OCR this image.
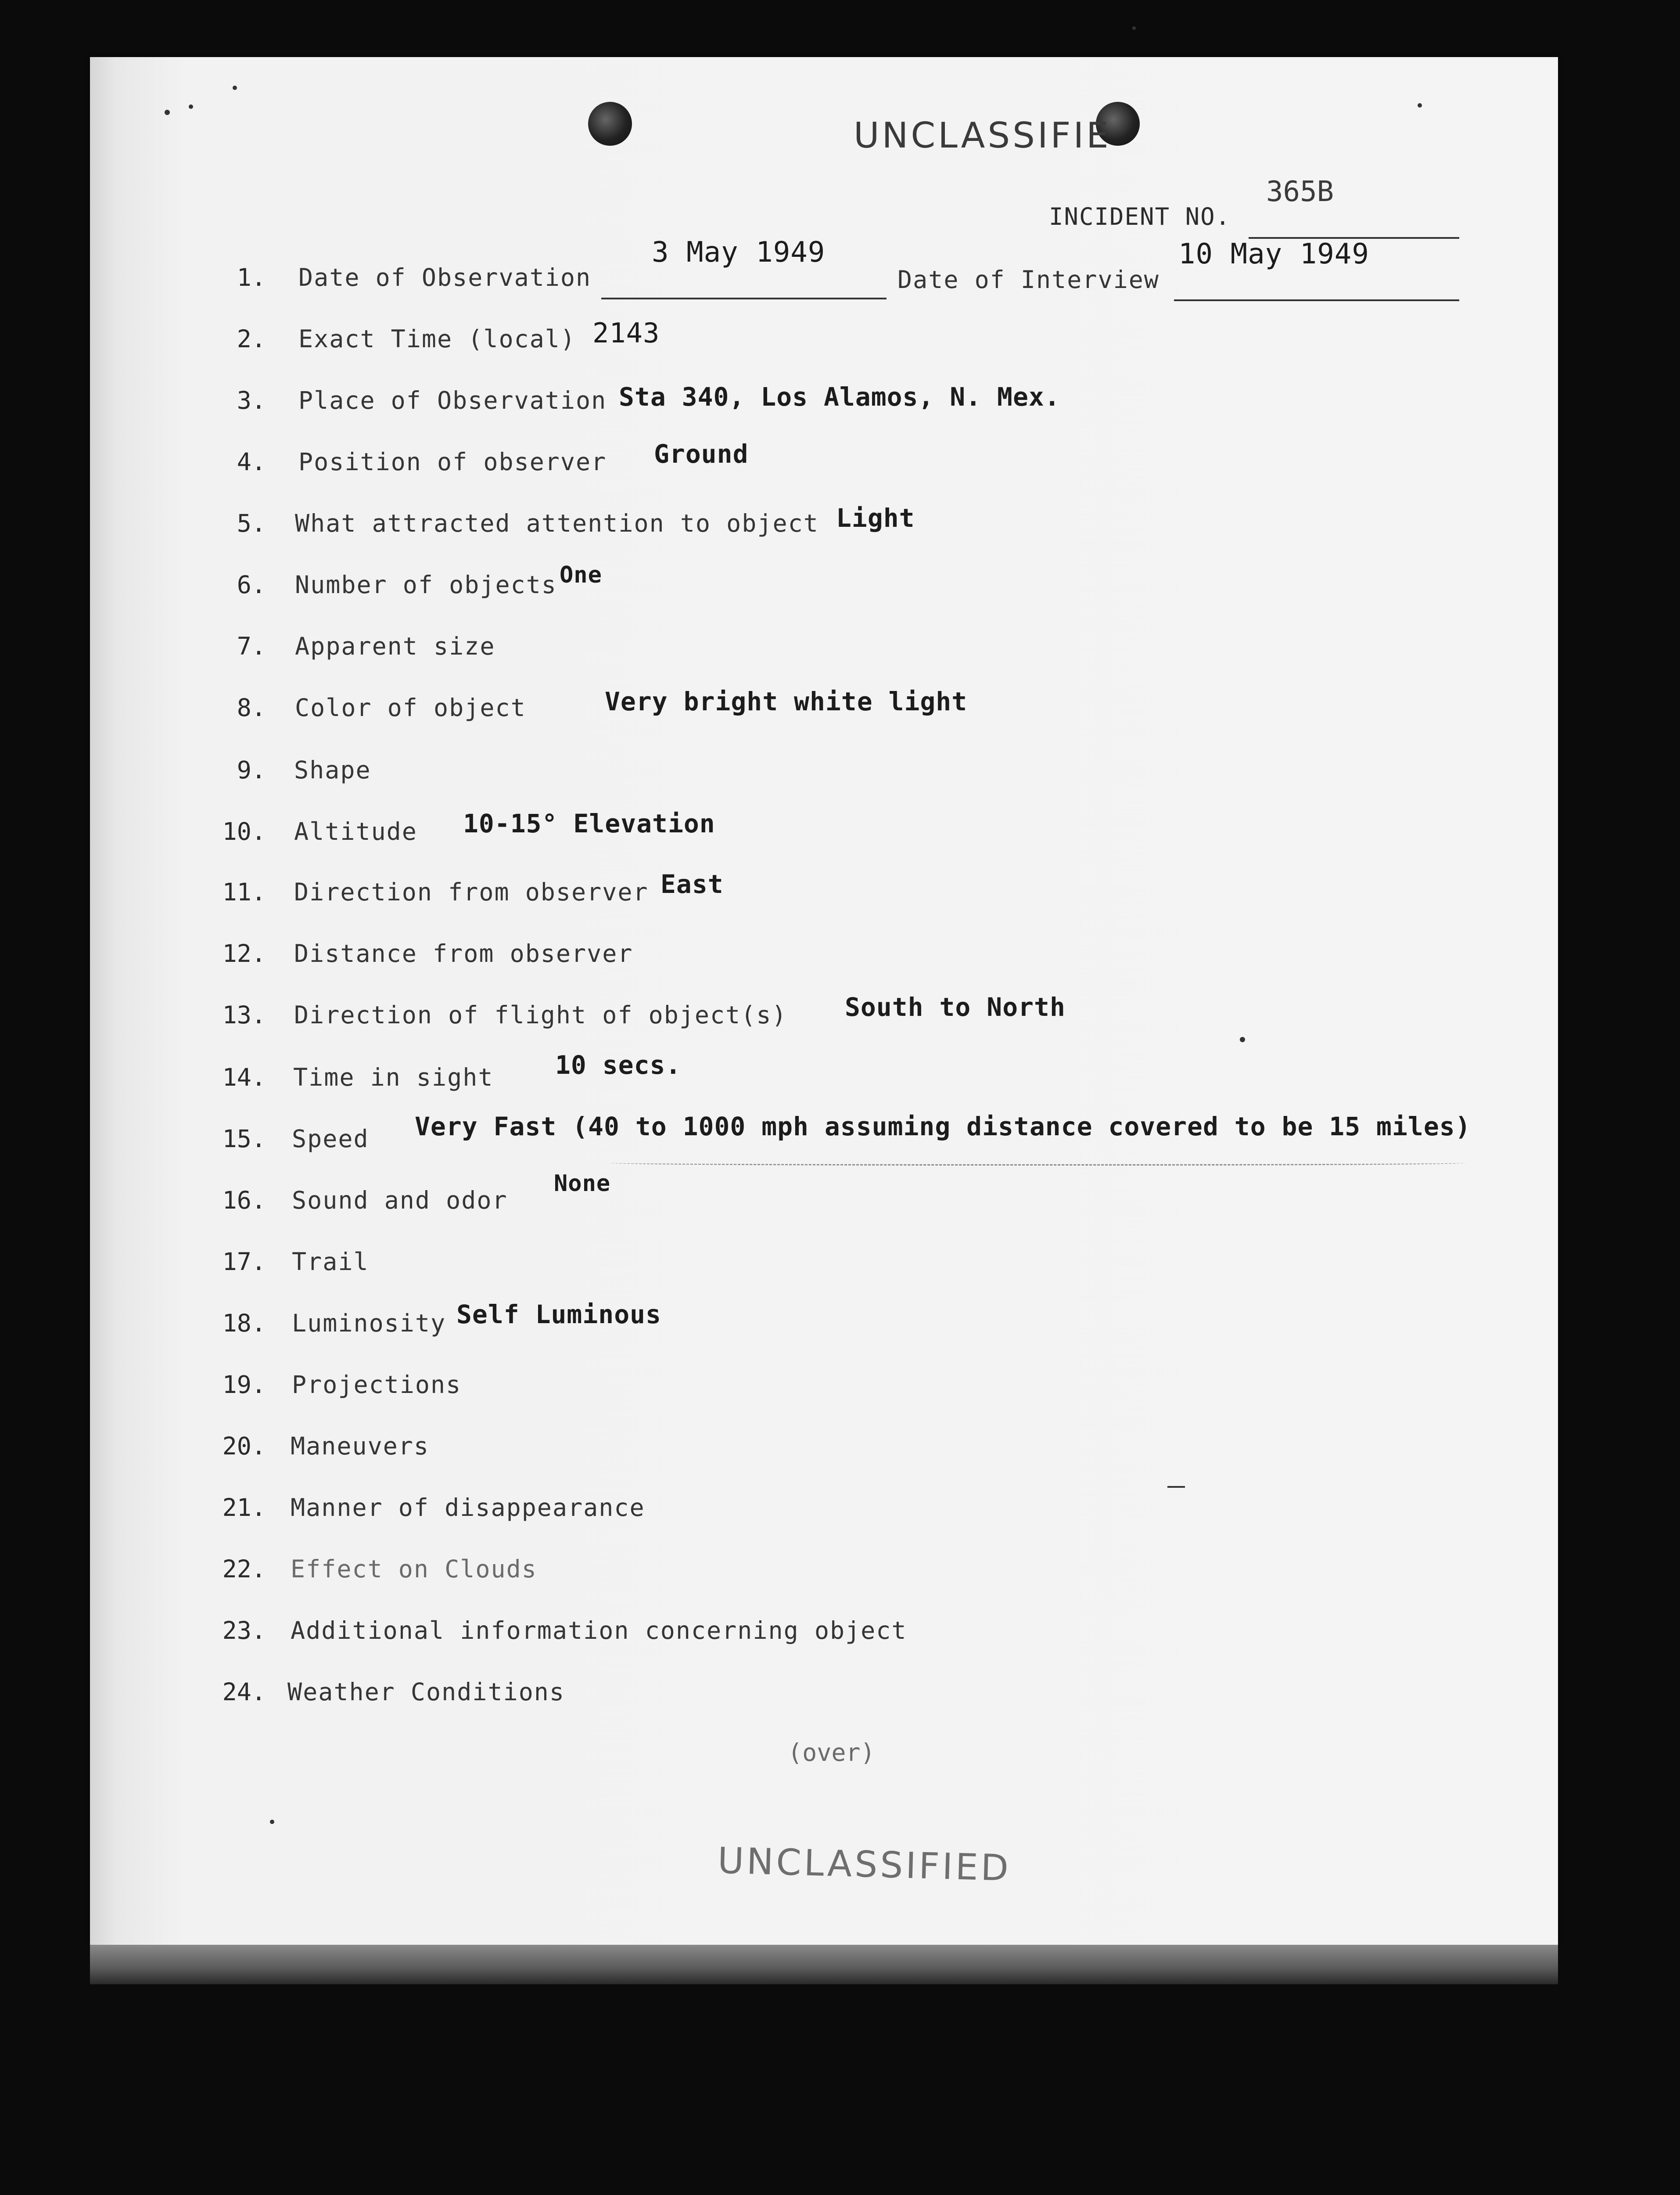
UNCLASSIFIE
INCIDENT NO.
365B
1. Date of Observation
3 May 1949
Date of Interview
10 May 1949
2. Exact Time (local) 2143
3. Place of Observation Sta 340, Los Alamos, N. Mex.
4. Position of observer Ground
5. What attracted attention to object Light
6. Number of objects One
7. Apparent size
8. Color of object	Very bright white light
9. Shape
10. Altitude 10-15° Elevation
11. Direction from observer East
12. Distance from observer
13. Direction of flight of object(s) South to North
14. Time in sight 10 secs.
15. Speed Very Fast (40 to 1000 mph assuming distance covered to be 15 miles)
16. Sound and odor
None
17. Trail
18. Luminosity Self Luminous
19. Projections
20. Maneuvers
21. Manner of disappearance
22. Effect on Clouds
23. Additional information concerning object
24. Weather Conditions
(over)
UNCLASSIFIED
